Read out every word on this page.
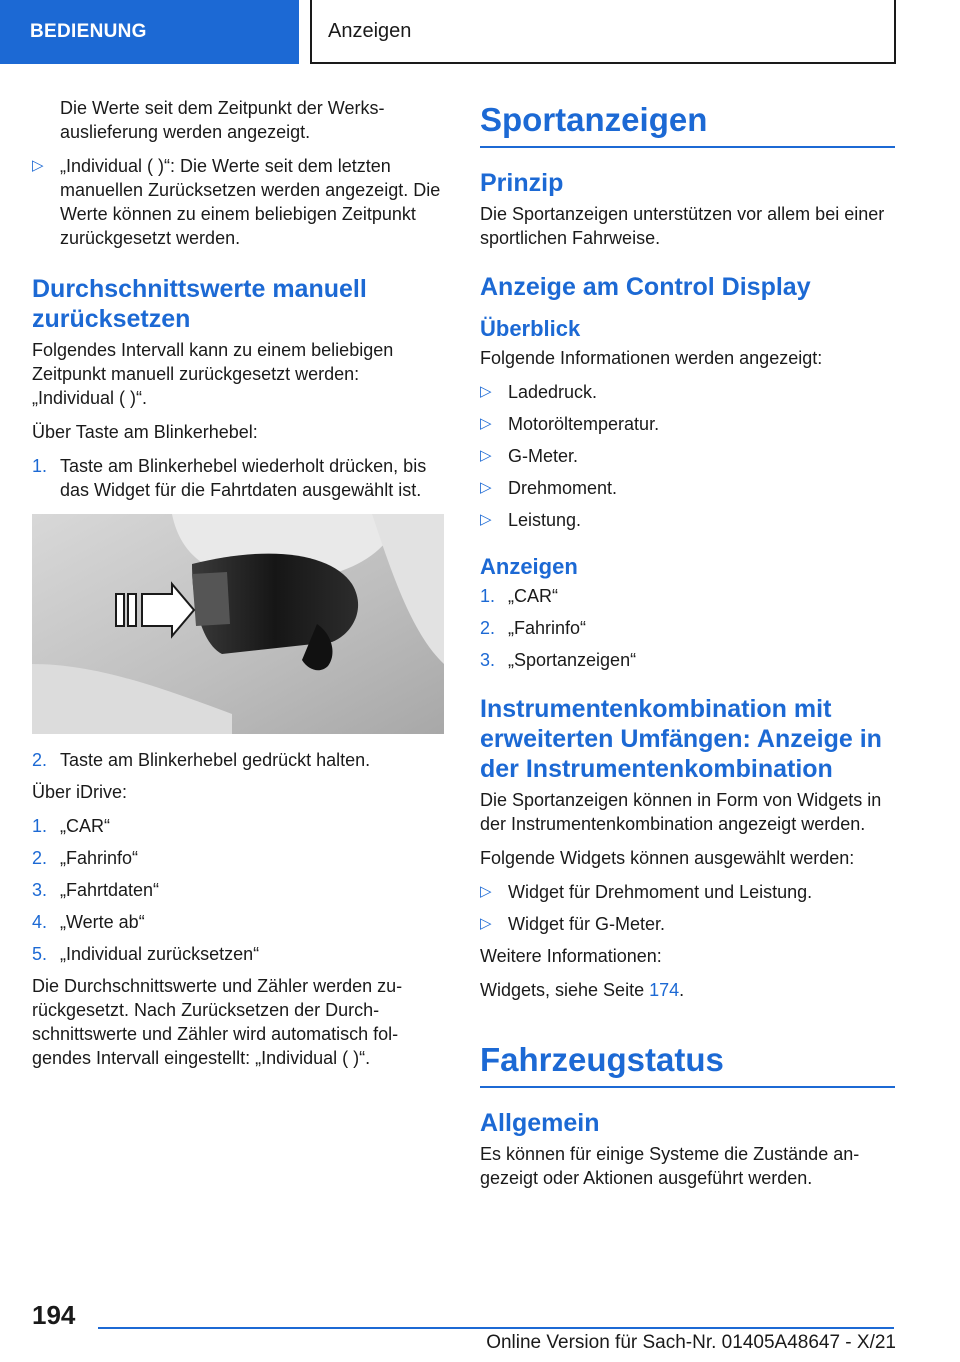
BEDIENUNG	Anzeigen

Die Werte seit dem Zeitpunkt der Werksauslieferung werden angezeigt.

▷ „Individual ( )“: Die Werte seit dem letzten manuellen Zurücksetzen werden angezeigt. Die Werte können zu einem beliebigen Zeitpunkt zurückgesetzt werden.
Durchschnittswerte manuell zurücksetzen

Folgendes Intervall kann zu einem beliebigen Zeitpunkt manuell zurückgesetzt werden: „Individual ( )“.

Über Taste am Blinkerhebel:

1. Taste am Blinkerhebel wiederholt drücken, bis das Widget für die Fahrtdaten ausgewählt ist.
2. Taste am Blinkerhebel gedrückt halten.

Über iDrive:

1. „CAR“
2. „Fahrinfo“
3. „Fahrtdaten“
4. „Werte ab“
5. „Individual zurücksetzen“

Die Durchschnittswerte und Zähler werden zurückgesetzt. Nach Zurücksetzen der Durchschnittswerte und Zähler wird automatisch folgendes Intervall eingestellt: „Individual ( )“.

Sportanzeigen
Prinzip

Die Sportanzeigen unterstützen vor allem bei einer sportlichen Fahrweise.

Anzeige am Control Display
Überblick

Folgende Informationen werden angezeigt:

▷ Ladedruck.
▷ Motoröltemperatur.
▷ G-Meter.
▷ Drehmoment.
▷ Leistung.
Anzeigen
1. „CAR“
2. „Fahrinfo“
3. „Sportanzeigen“
Instrumentenkombination mit erweiterten Umfängen: Anzeige in der Instrumentenkombination

Die Sportanzeigen können in Form von Widgets in der Instrumentenkombination angezeigt werden.

Folgende Widgets können ausgewählt werden:

▷ Widget für Drehmoment und Leistung.
▷ Widget für G-Meter.

Weitere Informationen:

Widgets, siehe Seite 174.

Fahrzeugstatus
Allgemein

Es können für einige Systeme die Zustände angezeigt oder Aktionen ausgeführt werden.

194
Online Version für Sach-Nr. 01405A48647 - X/21
